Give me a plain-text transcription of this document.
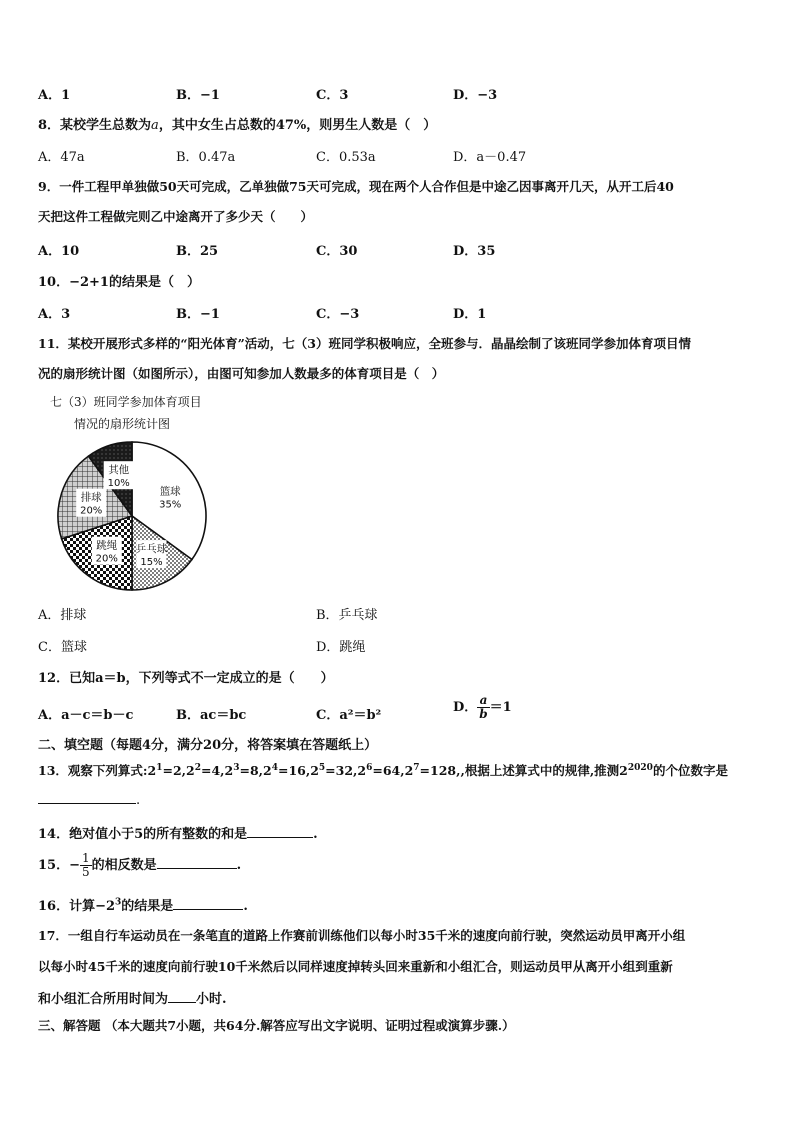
A．1	B．−1	C．3	D．−3
8．某校学生总数为a，其中女生占总数的47%，则男生人数是（　）
A．47a	B．0.47a	C．0.53a	D．a－0.47
9．一件工程甲单独做50天可完成，乙单独做75天可完成，现在两个人合作但是中途乙因事离开几天，从开工后40
天把这件工程做完则乙中途离开了多少天（　　）
A．10	B．25	C．30	D．35
10．−2+1的结果是（　）
A．3	B．−1	C．−3	D．1
11．某校开展形式多样的“阳光体育”活动，七（3）班同学积极响应，全班参与．晶晶绘制了该班同学参加体育项目情
况的扇形统计图（如图所示），由图可知参加人数最多的体育项目是（　）
七（3）班同学参加体育项目
情况的扇形统计图
篮球
35%
乒乓球
15%
跳绳
20%
排球
20%
其他
10%
A．排球	B．乒乓球
C．篮球	D．跳绳
12．已知a＝b，下列等式不一定成立的是（　　）
A．a－c＝b－c	B．ac＝bc	C．a²＝b²
D． $\frac{a}{b} =1$
二、填空题（每题4分，满分20分，将答案填在答题纸上）
13．观察下列算式$:2^1=2,2^2=4,2^3=8,2^4=16,2^5=32,2^6=64,2^7=128$,,根据上述算式中的规律,推测$2^{2020}$的个位数字是
.
14．绝对值小于5的所有整数的和是	.
15．− $\frac{1}{5}$ 的相反数是	.
16．计算$-2^3$的结果是	.
17．一组自行车运动员在一条笔直的道路上作赛前训练他们以每小时35千米的速度向前行驶，突然运动员甲离开小组
以每小时45千米的速度向前行驶10千米然后以同样速度掉转头回来重新和小组汇合，则运动员甲从离开小组到重新
和小组汇合所用时间为 小时.
三、解答题 （本大题共7小题，共64分.解答应写出文字说明、证明过程或演算步骤.）
